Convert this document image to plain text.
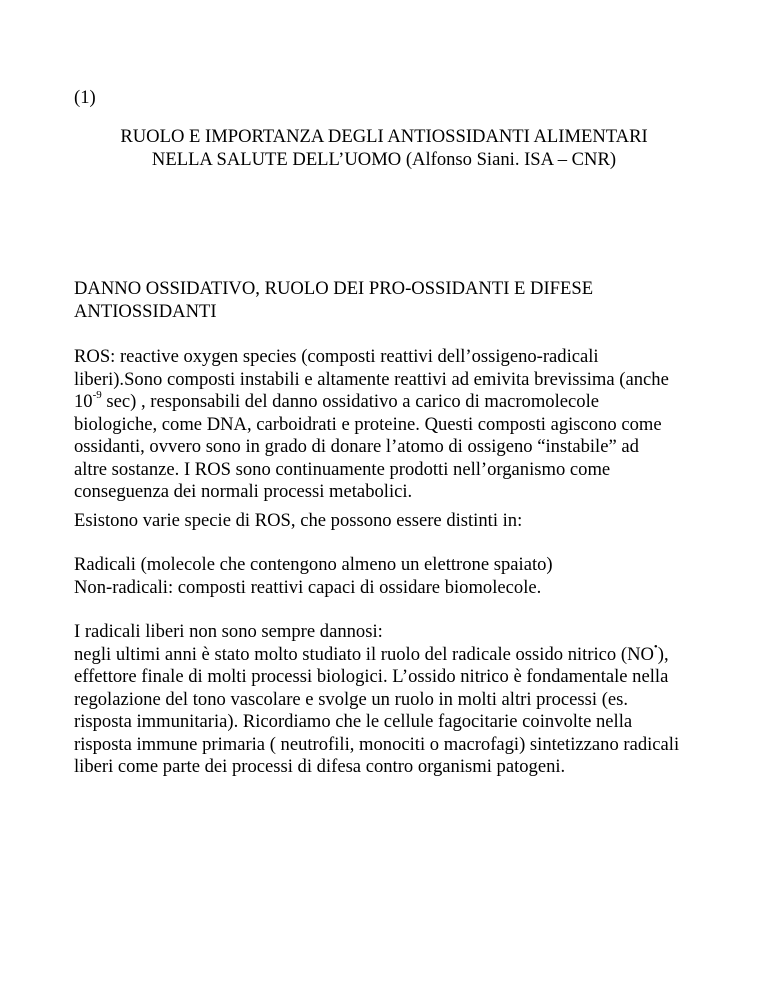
(1)
RUOLO E IMPORTANZA DEGLI ANTIOSSIDANTI ALIMENTARI
NELLA SALUTE DELL’UOMO (Alfonso Siani. ISA – CNR)
DANNO OSSIDATIVO, RUOLO DEI PRO-OSSIDANTI E DIFESE
ANTIOSSIDANTI
ROS: reactive oxygen species (composti reattivi dell’ossigeno-radicali
liberi).Sono composti instabili e altamente reattivi ad emivita brevissima (anche
$10^{-9}$ sec) , responsabili del danno ossidativo a carico di macromolecole
biologiche, come DNA, carboidrati e proteine. Questi composti agiscono come
ossidanti, ovvero sono in grado di donare l’atomo di ossigeno “instabile” ad
altre sostanze. I ROS sono continuamente prodotti nell’organismo come
conseguenza dei normali processi metabolici.
Esistono varie specie di ROS, che possono essere distinti in:
Radicali (molecole che contengono almeno un elettrone spaiato)
Non-radicali: composti reattivi capaci di ossidare biomolecole.
I radicali liberi non sono sempre dannosi:
negli ultimi anni è stato molto studiato il ruolo del radicale ossido nitrico (NO•),
effettore finale di molti processi biologici. L’ossido nitrico è fondamentale nella
regolazione del tono vascolare e svolge un ruolo in molti altri processi (es.
risposta immunitaria). Ricordiamo che le cellule fagocitarie coinvolte nella
risposta immune primaria ( neutrofili, monociti o macrofagi) sintetizzano radicali
liberi come parte dei processi di difesa contro organismi patogeni.
